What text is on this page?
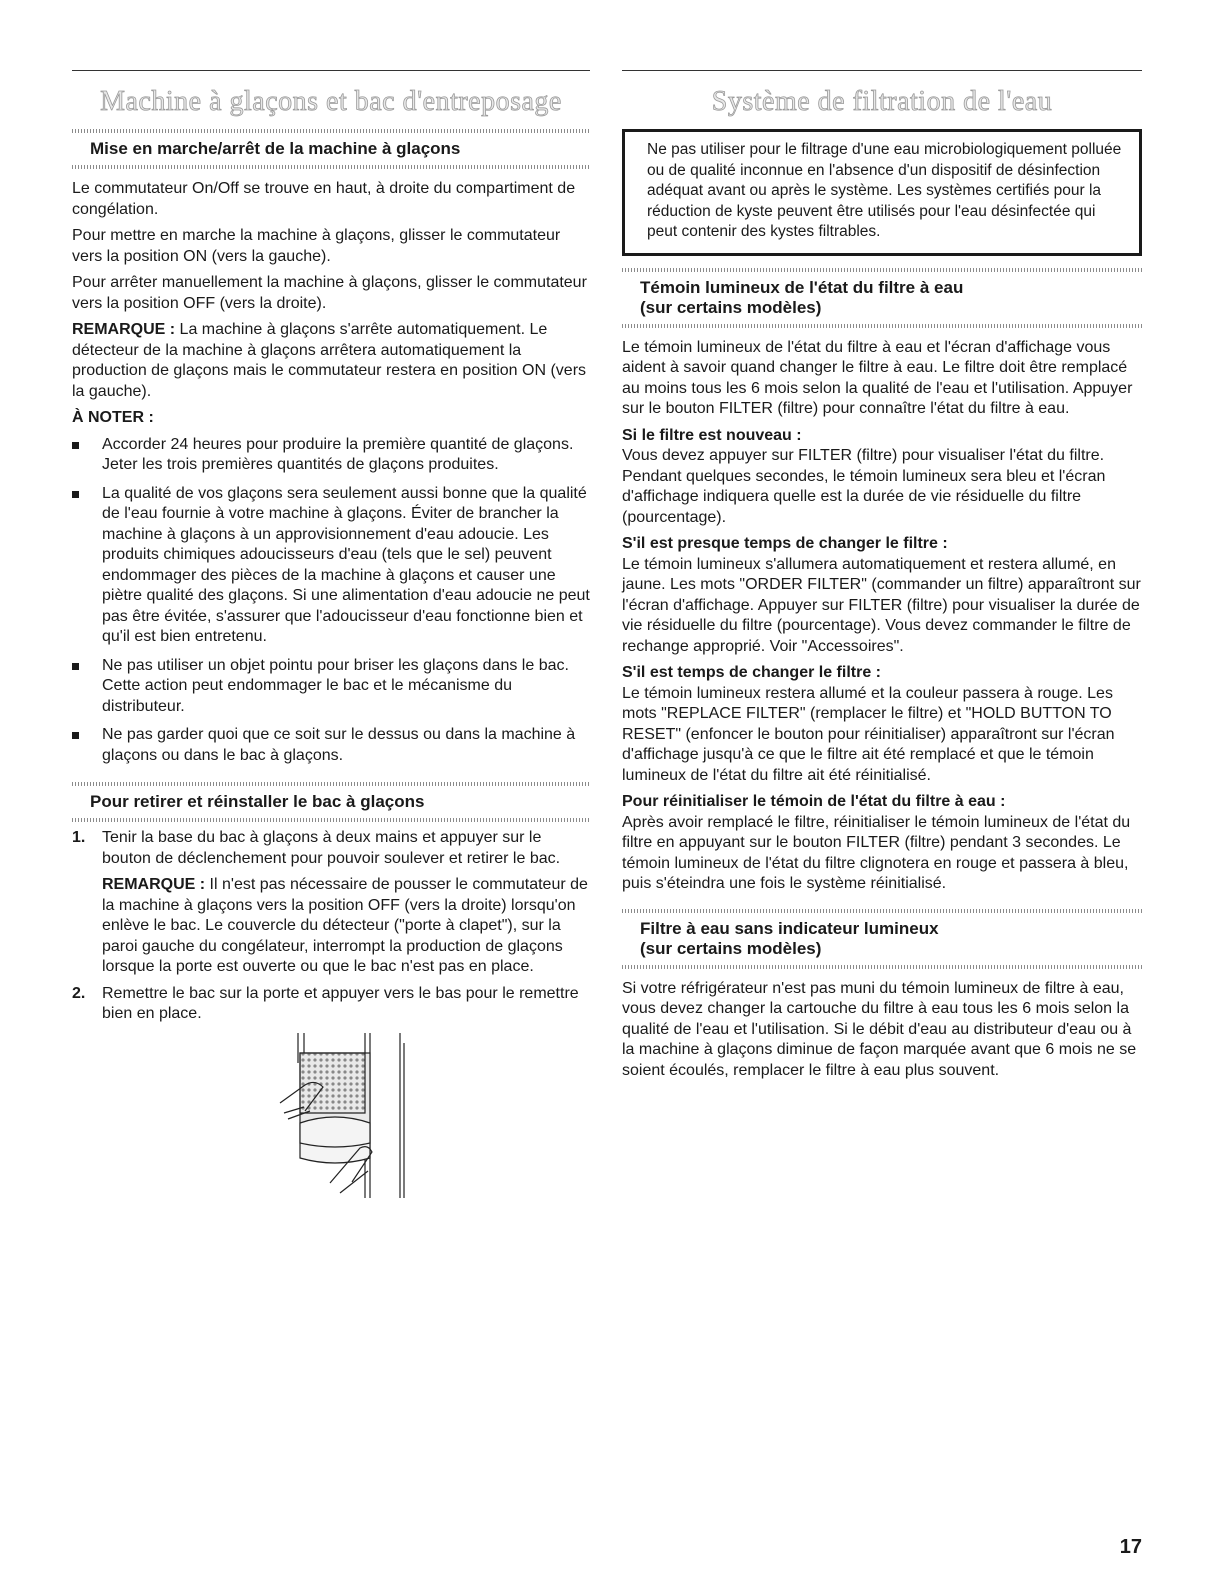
Machine à glaçons et bac d'entreposage
Mise en marche/arrêt de la machine à glaçons

Le commutateur On/Off se trouve en haut, à droite du compartiment de congélation.

Pour mettre en marche la machine à glaçons, glisser le commutateur vers la position ON (vers la gauche).

Pour arrêter manuellement la machine à glaçons, glisser le commutateur vers la position OFF (vers la droite).

REMARQUE : La machine à glaçons s'arrête automatiquement. Le détecteur de la machine à glaçons arrêtera automatiquement la production de glaçons mais le commutateur restera en position ON (vers la gauche).

À NOTER :

Accorder 24 heures pour produire la première quantité de glaçons. Jeter les trois premières quantités de glaçons produites.
La qualité de vos glaçons sera seulement aussi bonne que la qualité de l'eau fournie à votre machine à glaçons. Éviter de brancher la machine à glaçons à un approvisionnement d'eau adoucie. Les produits chimiques adoucisseurs d'eau (tels que le sel) peuvent endommager des pièces de la machine à glaçons et causer une piètre qualité des glaçons. Si une alimentation d'eau adoucie ne peut pas être évitée, s'assurer que l'adoucisseur d'eau fonctionne bien et qu'il est bien entretenu.
Ne pas utiliser un objet pointu pour briser les glaçons dans le bac. Cette action peut endommager le bac et le mécanisme du distributeur.
Ne pas garder quoi que ce soit sur le dessus ou dans la machine à glaçons ou dans le bac à glaçons.
Pour retirer et réinstaller le bac à glaçons
1. Tenir la base du bac à glaçons à deux mains et appuyer sur le bouton de déclenchement pour pouvoir soulever et retirer le bac.

REMARQUE : Il n'est pas nécessaire de pousser le commutateur de la machine à glaçons vers la position OFF (vers la droite) lorsqu'on enlève le bac. Le couvercle du détecteur ("porte à clapet"), sur la paroi gauche du congélateur, interrompt la production de glaçons lorsque la porte est ouverte ou que le bac n'est pas en place.

2. Remettre le bac sur la porte et appuyer vers le bas pour le remettre bien en place.

Système de filtration de l'eau
Ne pas utiliser pour le filtrage d'une eau microbiologiquement polluée ou de qualité inconnue en l'absence d'un dispositif de désinfection adéquat avant ou après le système. Les systèmes certifiés pour la réduction de kyste peuvent être utilisés pour l'eau désinfectée qui peut contenir des kystes filtrables.
Témoin lumineux de l'état du filtre à eau
(sur certains modèles)

Le témoin lumineux de l'état du filtre à eau et l'écran d'affichage vous aident à savoir quand changer le filtre à eau. Le filtre doit être remplacé au moins tous les 6 mois selon la qualité de l'eau et l'utilisation. Appuyer sur le bouton FILTER (filtre) pour connaître l'état du filtre à eau.

Si le filtre est nouveau :
Vous devez appuyer sur FILTER (filtre) pour visualiser l'état du filtre. Pendant quelques secondes, le témoin lumineux sera bleu et l'écran d'affichage indiquera quelle est la durée de vie résiduelle du filtre (pourcentage).

S'il est presque temps de changer le filtre :
Le témoin lumineux s'allumera automatiquement et restera allumé, en jaune. Les mots "ORDER FILTER" (commander un filtre) apparaîtront sur l'écran d'affichage. Appuyer sur FILTER (filtre) pour visualiser la durée de vie résiduelle du filtre (pourcentage). Vous devez commander le filtre de rechange approprié. Voir "Accessoires".

S'il est temps de changer le filtre :
Le témoin lumineux restera allumé et la couleur passera à rouge. Les mots "REPLACE FILTER" (remplacer le filtre) et "HOLD BUTTON TO RESET" (enfoncer le bouton pour réinitialiser) apparaîtront sur l'écran d'affichage jusqu'à ce que le filtre ait été remplacé et que le témoin lumineux de l'état du filtre ait été réinitialisé.

Pour réinitialiser le témoin de l'état du filtre à eau :
Après avoir remplacé le filtre, réinitialiser le témoin lumineux de l'état du filtre en appuyant sur le bouton FILTER (filtre) pendant 3 secondes. Le témoin lumineux de l'état du filtre clignotera en rouge et passera à bleu, puis s'éteindra une fois le système réinitialisé.

Filtre à eau sans indicateur lumineux
(sur certains modèles)

Si votre réfrigérateur n'est pas muni du témoin lumineux de filtre à eau, vous devez changer la cartouche du filtre à eau tous les 6 mois selon la qualité de l'eau et l'utilisation. Si le débit d'eau au distributeur d'eau ou à la machine à glaçons diminue de façon marquée avant que 6 mois ne se soient écoulés, remplacer le filtre à eau plus souvent.

17
